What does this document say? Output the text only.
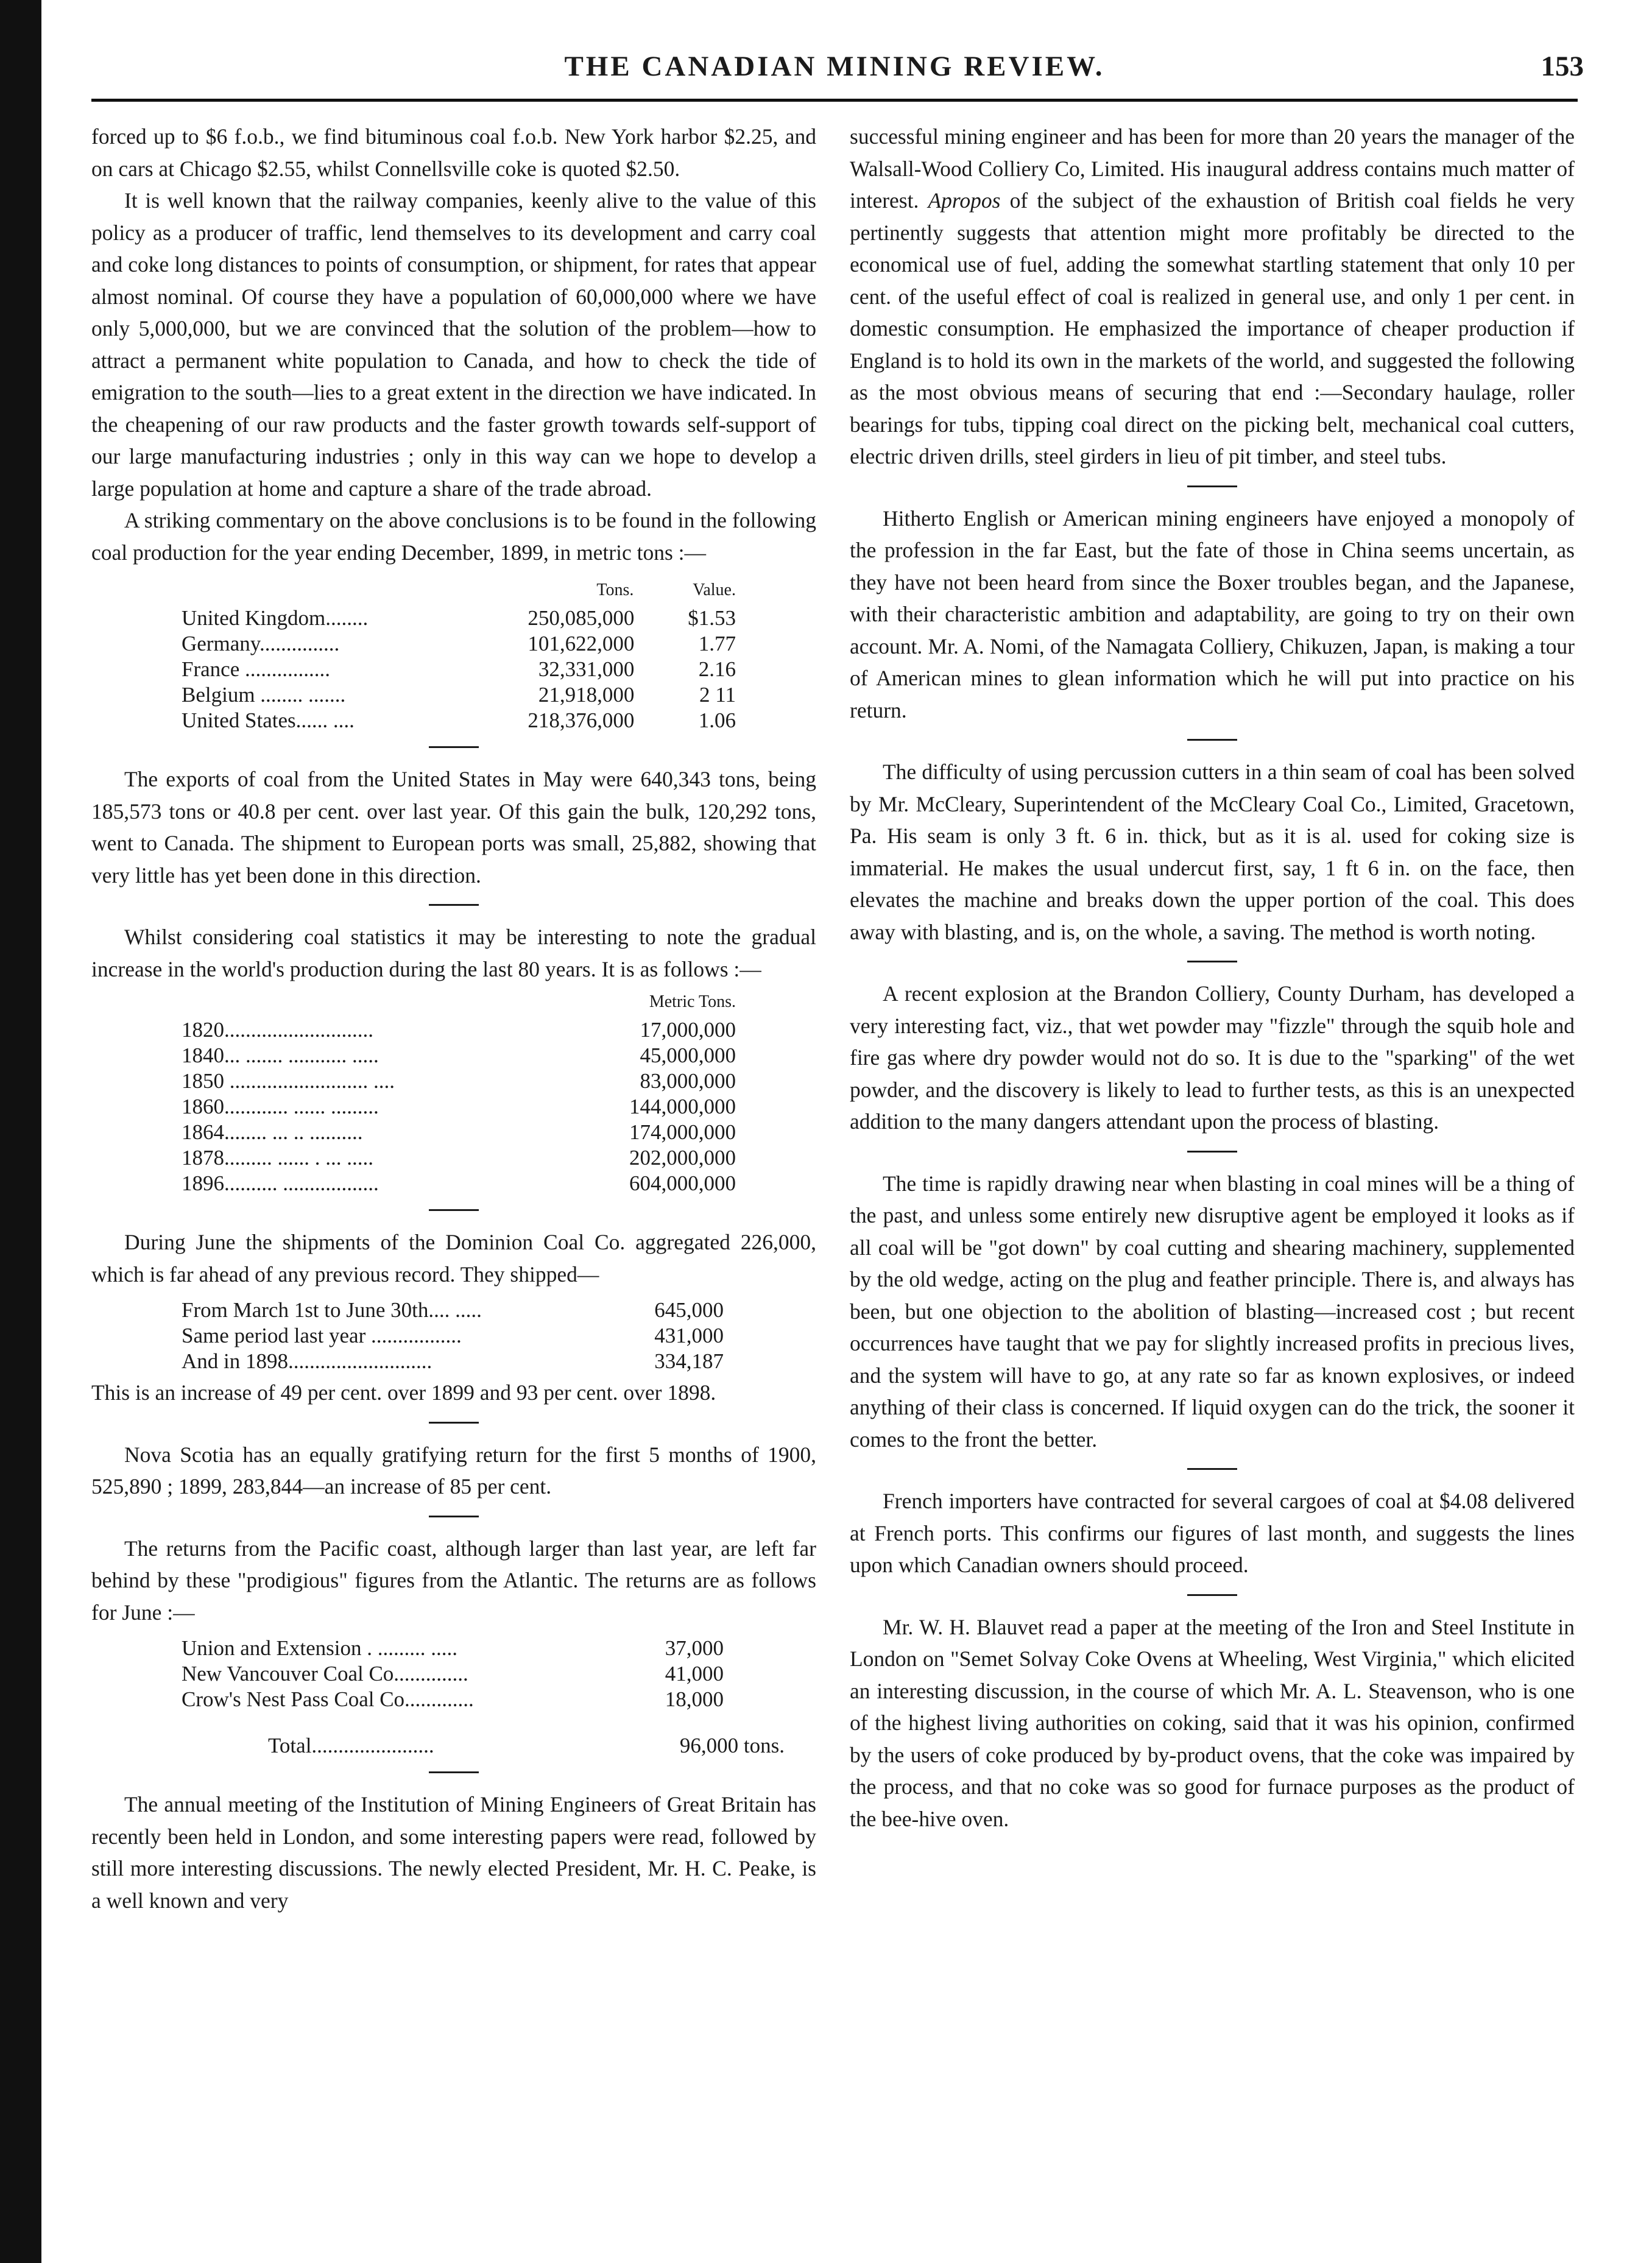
THE CANADIAN MINING REVIEW.	153

forced up to $6 f.o.b., we find bituminous coal f.o.b. New York harbor $2.25, and on cars at Chicago $2.55, whilst Connellsville coke is quoted $2.50.

It is well known that the railway companies, keenly alive to the value of this policy as a producer of traffic, lend themselves to its development and carry coal and coke long distances to points of consumption, or shipment, for rates that appear almost nominal. Of course they have a population of 60,000,000 where we have only 5,000,000, but we are convinced that the solution of the problem—how to attract a permanent white population to Canada, and how to check the tide of emigration to the south—lies to a great extent in the direction we have indicated. In the cheapening of our raw products and the faster growth towards self-support of our large manufacturing industries ; only in this way can we hope to develop a large population at home and capture a share of the trade abroad.

A striking commentary on the above conclusions is to be found in the following coal production for the year ending December, 1899, in metric tons :—

	Tons.	Value.
United Kingdom........	250,085,000	$1.53
Germany...............	101,622,000	1.77
France ................	32,331,000	2.16
Belgium ........ .......	21,918,000	2 11
United States...... ....	218,376,000	1.06

The exports of coal from the United States in May were 640,343 tons, being 185,573 tons or 40.8 per cent. over last year. Of this gain the bulk, 120,292 tons, went to Canada. The shipment to European ports was small, 25,882, showing that very little has yet been done in this direction.

Whilst considering coal statistics it may be interesting to note the gradual increase in the world's production during the last 80 years. It is as follows :—

	Metric Tons.
1820............................	17,000,000
1840... ....... ........... .....	45,000,000
1850 .......................... ....	83,000,000
1860............ ...... .........	144,000,000
1864........ ... .. ..........	174,000,000
1878......... ...... . ... .....	202,000,000
1896.......... ..................	604,000,000

During June the shipments of the Dominion Coal Co. aggregated 226,000, which is far ahead of any previous record. They shipped—

From March 1st to June 30th.... .....	645,000
Same period last year .................	431,000
And in 1898...........................	334,187

This is an increase of 49 per cent. over 1899 and 93 per cent. over 1898.

Nova Scotia has an equally gratifying return for the first 5 months of 1900, 525,890 ; 1899, 283,844—an increase of 85 per cent.

The returns from the Pacific coast, although larger than last year, are left far behind by these "prodigious" figures from the Atlantic. The returns are as follows for June :—

Union and Extension . ......... .....	37,000
New Vancouver Coal Co..............	41,000
Crow's Nest Pass Coal Co.............	18,000
Total.......................	96,000 tons.

The annual meeting of the Institution of Mining Engineers of Great Britain has recently been held in London, and some interesting papers were read, followed by still more interesting discussions. The newly elected President, Mr. H. C. Peake, is a well known and very

successful mining engineer and has been for more than 20 years the manager of the Walsall-Wood Colliery Co, Limited. His inaugural address contains much matter of interest. Apropos of the subject of the exhaustion of British coal fields he very pertinently suggests that attention might more profitably be directed to the economical use of fuel, adding the somewhat startling statement that only 10 per cent. of the useful effect of coal is realized in general use, and only 1 per cent. in domestic consumption. He emphasized the importance of cheaper production if England is to hold its own in the markets of the world, and suggested the following as the most obvious means of securing that end :—Secondary haulage, roller bearings for tubs, tipping coal direct on the picking belt, mechanical coal cutters, electric driven drills, steel girders in lieu of pit timber, and steel tubs.

Hitherto English or American mining engineers have enjoyed a monopoly of the profession in the far East, but the fate of those in China seems uncertain, as they have not been heard from since the Boxer troubles began, and the Japanese, with their characteristic ambition and adaptability, are going to try on their own account. Mr. A. Nomi, of the Namagata Colliery, Chikuzen, Japan, is making a tour of American mines to glean information which he will put into practice on his return.

The difficulty of using percussion cutters in a thin seam of coal has been solved by Mr. McCleary, Superintendent of the McCleary Coal Co., Limited, Gracetown, Pa. His seam is only 3 ft. 6 in. thick, but as it is al. used for coking size is immaterial. He makes the usual undercut first, say, 1 ft 6 in. on the face, then elevates the machine and breaks down the upper portion of the coal. This does away with blasting, and is, on the whole, a saving. The method is worth noting.

A recent explosion at the Brandon Colliery, County Durham, has developed a very interesting fact, viz., that wet powder may "fizzle" through the squib hole and fire gas where dry powder would not do so. It is due to the "sparking" of the wet powder, and the discovery is likely to lead to further tests, as this is an unexpected addition to the many dangers attendant upon the process of blasting.

The time is rapidly drawing near when blasting in coal mines will be a thing of the past, and unless some entirely new disruptive agent be employed it looks as if all coal will be "got down" by coal cutting and shearing machinery, supplemented by the old wedge, acting on the plug and feather principle. There is, and always has been, but one objection to the abolition of blasting—increased cost ; but recent occurrences have taught that we pay for slightly increased profits in precious lives, and the system will have to go, at any rate so far as known explosives, or indeed anything of their class is concerned. If liquid oxygen can do the trick, the sooner it comes to the front the better.

French importers have contracted for several cargoes of coal at $4.08 delivered at French ports. This confirms our figures of last month, and suggests the lines upon which Canadian owners should proceed.

Mr. W. H. Blauvet read a paper at the meeting of the Iron and Steel Institute in London on "Semet Solvay Coke Ovens at Wheeling, West Virginia," which elicited an interesting discussion, in the course of which Mr. A. L. Steavenson, who is one of the highest living authorities on coking, said that it was his opinion, confirmed by the users of coke produced by by-product ovens, that the coke was impaired by the process, and that no coke was so good for furnace purposes as the product of the bee-hive oven.
